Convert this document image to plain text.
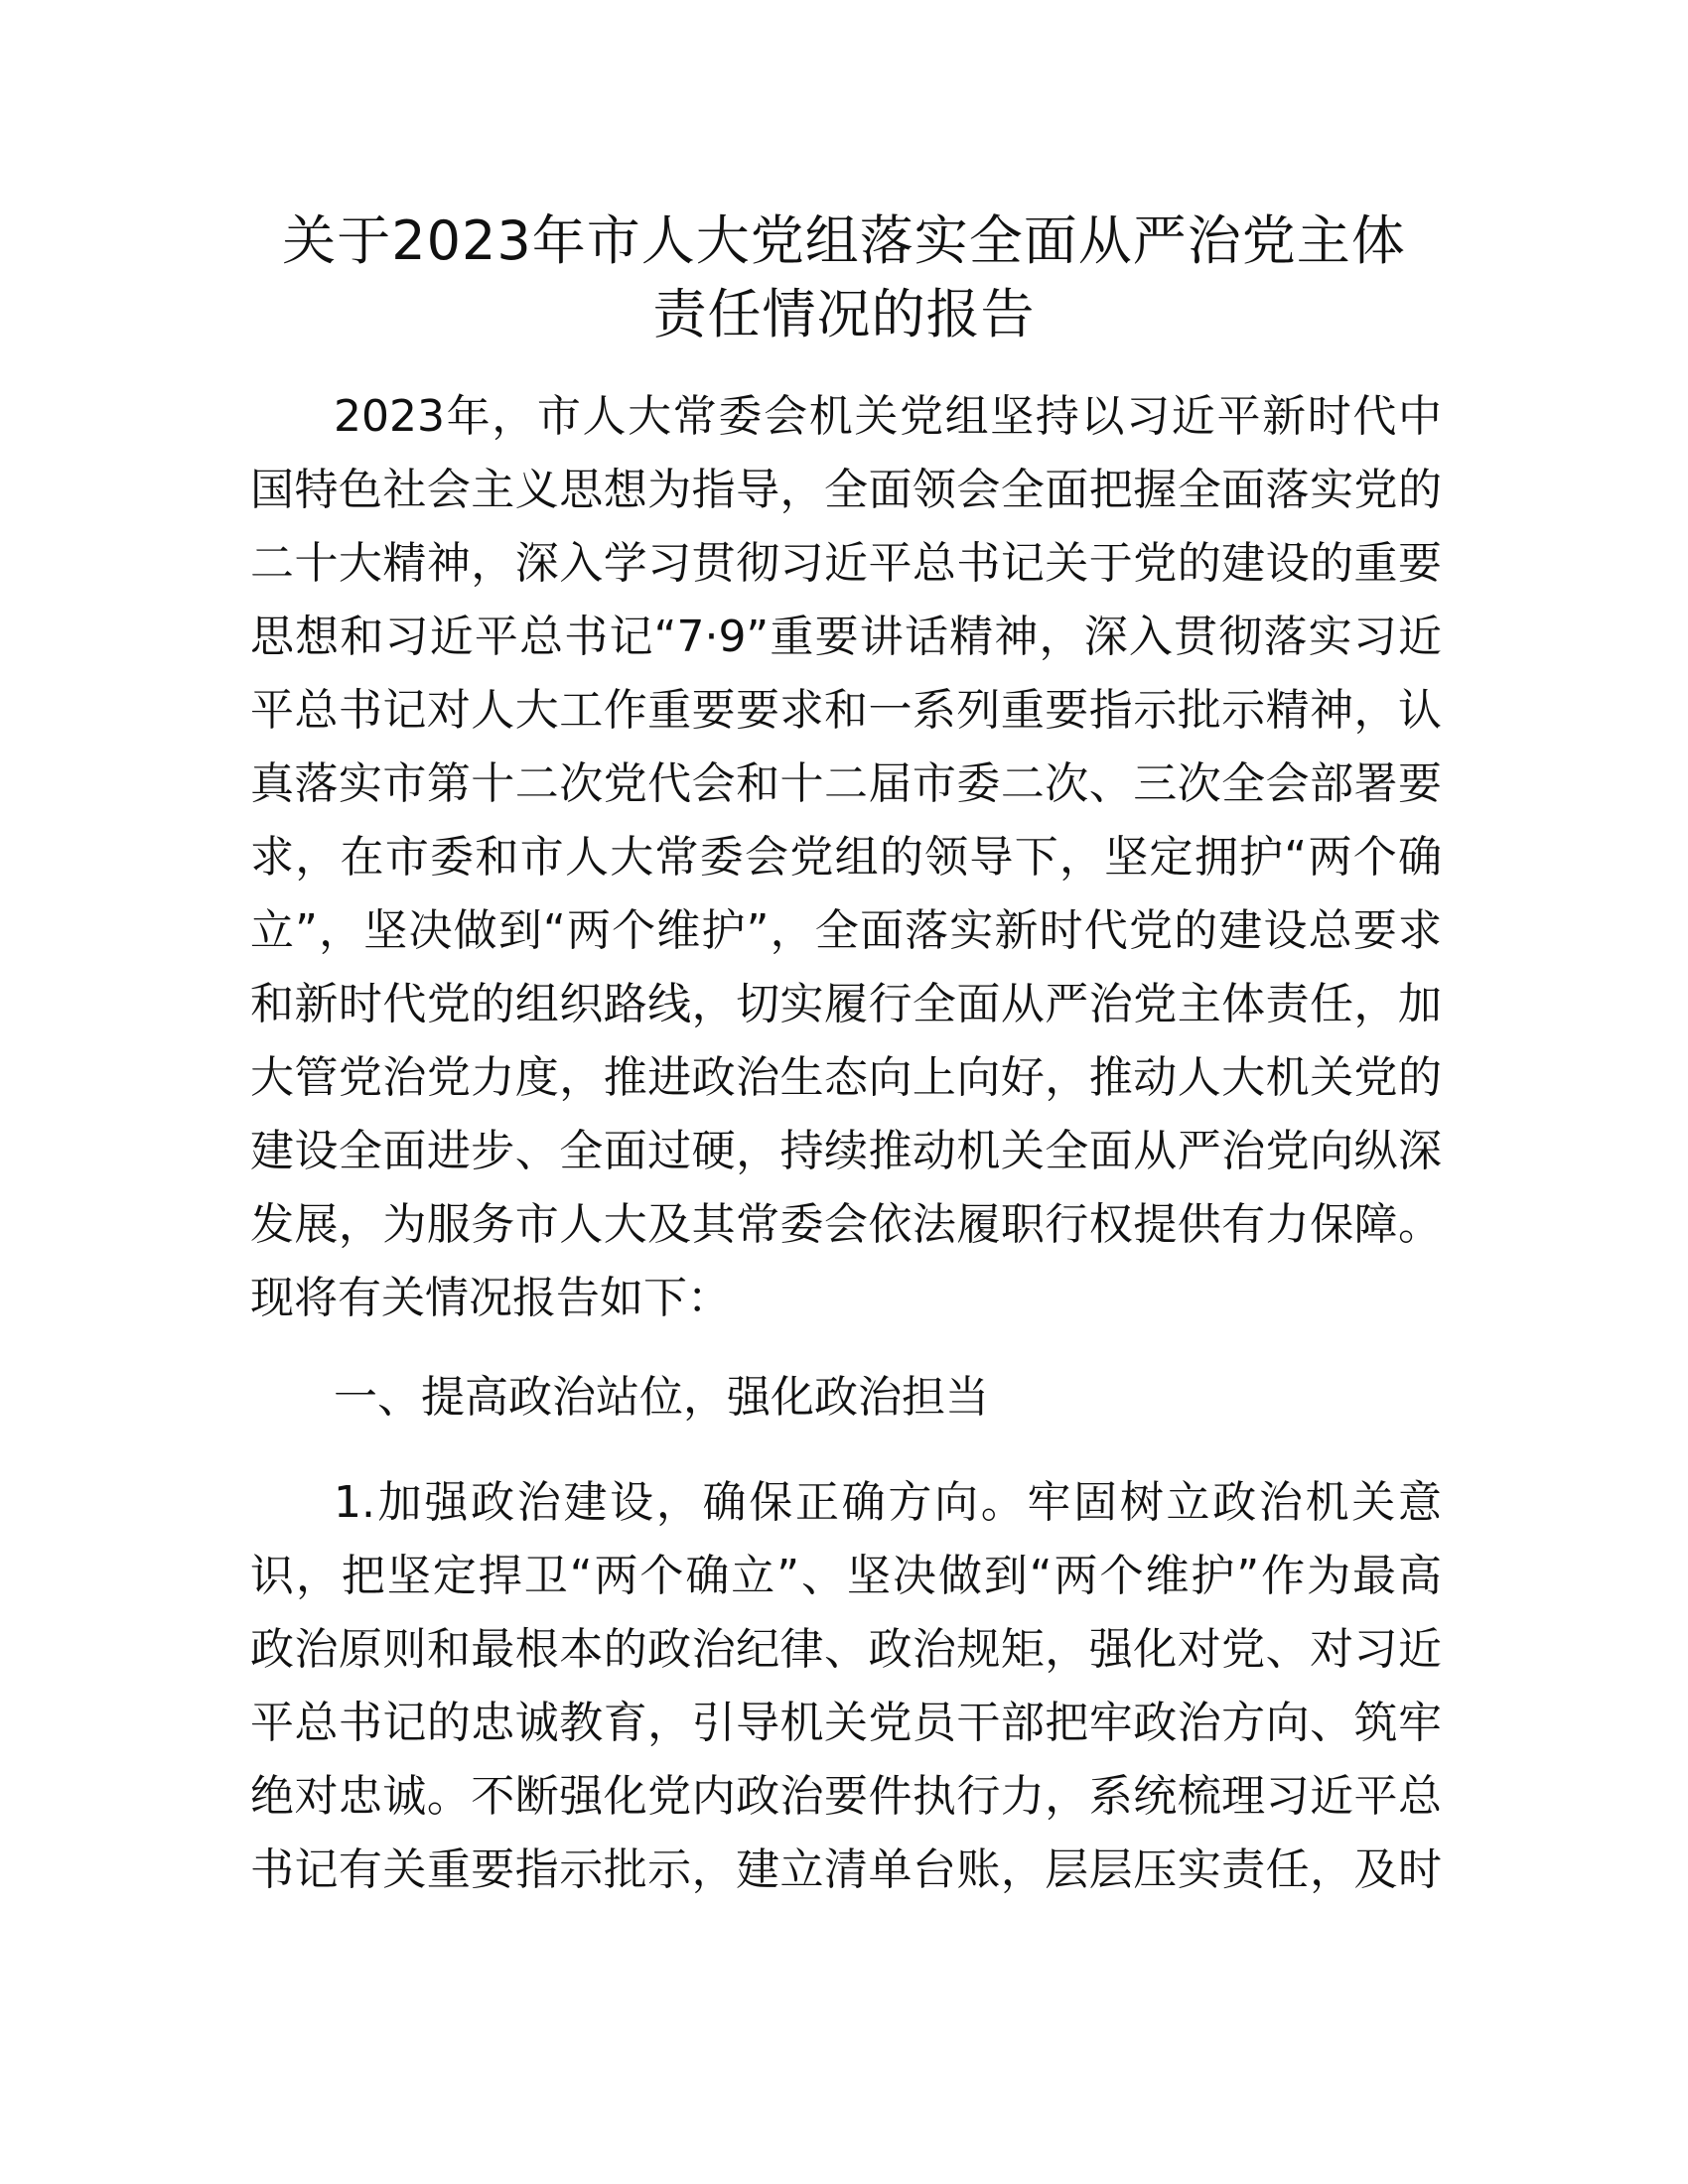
关于2023年市人大党组落实全面从严治党主体
责任情况的报告
2023年，市人大常委会机关党组坚持以习近平新时代中
国特色社会主义思想为指导，全面领会全面把握全面落实党的
二十大精神，深入学习贯彻习近平总书记关于党的建设的重要
思想和习近平总书记“7·9”重要讲话精神，深入贯彻落实习近
平总书记对人大工作重要要求和一系列重要指示批示精神，认
真落实市第十二次党代会和十二届市委二次、三次全会部署要
求，在市委和市人大常委会党组的领导下，坚定拥护“两个确
立”，坚决做到“两个维护”，全面落实新时代党的建设总要求
和新时代党的组织路线，切实履行全面从严治党主体责任，加
大管党治党力度，推进政治生态向上向好，推动人大机关党的
建设全面进步、全面过硬，持续推动机关全面从严治党向纵深
发展，为服务市人大及其常委会依法履职行权提供有力保障。
现将有关情况报告如下：
一、提高政治站位，强化政治担当
1.加强政治建设，确保正确方向。牢固树立政治机关意
识，把坚定捍卫“两个确立”、坚决做到“两个维护”作为最高
政治原则和最根本的政治纪律、政治规矩，强化对党、对习近
平总书记的忠诚教育，引导机关党员干部把牢政治方向、筑牢
绝对忠诚。不断强化党内政治要件执行力，系统梳理习近平总
书记有关重要指示批示，建立清单台账，层层压实责任，及时
